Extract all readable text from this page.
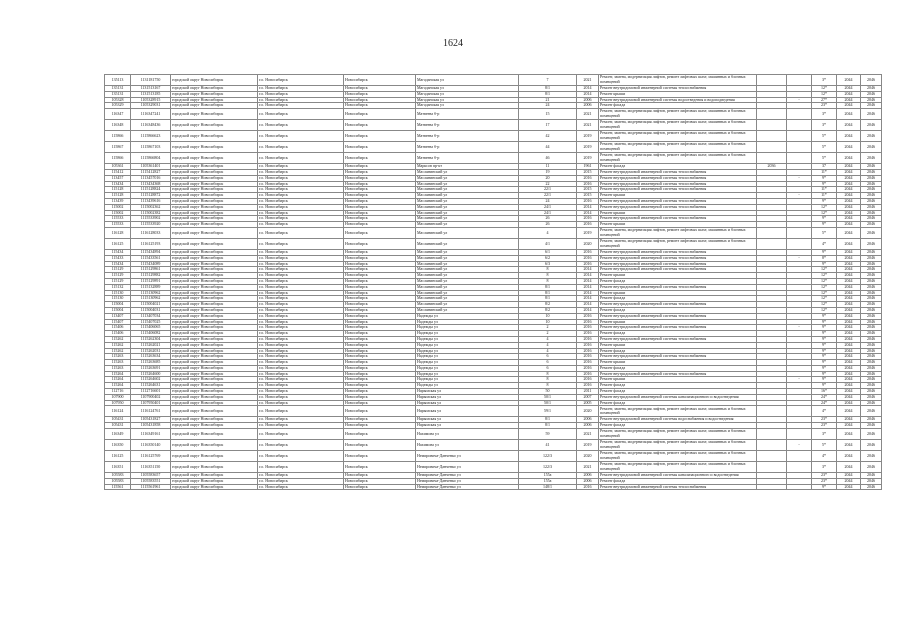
1624
135113	1131181750	городской округ Новосибирск	г.о. Новосибирск	Новосибирск	Магаданская ул	7	2021	Ремонт, замена, модернизация лифтов, ремонт лифтовых шахт, машинных и блочных помещений			3*	2044	2046
135131	1131513167	городской округ Новосибирск	г.о. Новосибирск	Новосибирск	Магаданская ул	8/1	2014	Ремонт внутридомовой инженерной системы теплоснабжения			12*	2044	2046
135131	1131513185	городской округ Новосибирск	г.о. Новосибирск	Новосибирск	Магаданская ул	8/1	2014	Ремонт крыши			12*	2044	2046
105328	1105328915	городской округ Новосибирск	г.о. Новосибирск	Новосибирск	Магаданская ул	21	2006	Ремонт внутридомовой инженерной системы водоотведения и водоподведения		-	27*	2044	2046
105329	1105329031	городской округ Новосибирск	г.о. Новосибирск	Новосибирск	Магаданская ул	24	2006	Ремонт фасада			23*	2044	2046
116347	1116347241	городской округ Новосибирск	г.о. Новосибирск	Новосибирск	Матвеева б-р	15	2021	Ремонт, замена, модернизация лифтов, ремонт лифтовых шахт, машинных и блочных помещений			3*	2044	2046
116348	1116348436	городской округ Новосибирск	г.о. Новосибирск	Новосибирск	Матвеева б-р	17	2021	Ремонт, замена, модернизация лифтов, ремонт лифтовых шахт, машинных и блочных помещений			3*	2044	2046
115866	1115866623	городской округ Новосибирск	г.о. Новосибирск	Новосибирск	Матвеева б-р	42	2019	Ремонт, замена, модернизация лифтов, ремонт лифтовых шахт, машинных и блочных помещений			5*	2044	2046
115867	1115867103	городской округ Новосибирск	г.о. Новосибирск	Новосибирск	Матвеева б-р	44	2019	Ремонт, замена, модернизация лифтов, ремонт лифтовых шахт, машинных и блочных помещений			5*	2044	2046
115866	1115866804	городской округ Новосибирск	г.о. Новосибирск	Новосибирск	Матвеева б-р	46	2019	Ремонт, замена, модернизация лифтов, ремонт лифтовых шахт, машинных и блочных помещений			5*	2044	2046
105361	1105361401	городской округ Новосибирск	г.о. Новосибирск	Новосибирск	Марксов пр-кт	11	1961	Ремонт фасада	2036		37	2044	2046
115412	1115412827	городской округ Новосибирск	г.о. Новосибирск	Новосибирск	Маслянинский ул	19	2015	Ремонт внутридомовой инженерной системы теплоснабжения			11*	2044	2046
113457	1113457016	городской округ Новосибирск	г.о. Новосибирск	Новосибирск	Маслянинский ул	20	2016	Ремонт внутридомовой инженерной системы теплоснабжения		-	9*	2044	2046
113434	1113434368	городской округ Новосибирск	г.о. Новосибирск	Новосибирск	Маслянинский ул	22	2016	Ремонт внутридомовой инженерной системы теплоснабжения			9*	2044	2046
115128	1115128824	городской округ Новосибирск	г.о. Новосибирск	Новосибирск	Маслянинский ул	22/1	2015	Ремонт внутридомовой инженерной системы теплоснабжения			11*	2044	2046
115128	1115128872	городской округ Новосибирск	г.о. Новосибирск	Новосибирск	Маслянинский ул	22/1	2015	Ремонт крыши		-	11*	2044	2046
113439	1113439616	городской округ Новосибирск	г.о. Новосибирск	Новосибирск	Маслянинский ул	24	2016	Ремонт внутридомовой инженерной системы теплоснабжения			9*	2044	2046
115002	1115002362	городской округ Новосибирск	г.о. Новосибирск	Новосибирск	Маслянинский ул	24/1	2014	Ремонт внутридомовой инженерной системы теплоснабжения			12*	2044	2046
115002	1115002382	городской округ Новосибирск	г.о. Новосибирск	Новосибирск	Маслянинский ул	24/1	2014	Ремонт крыши			12*	2044	2046
115533	1115533902	городской округ Новосибирск	г.о. Новосибирск	Новосибирск	Маслянинский ул	26	2016	Ремонт внутридомовой инженерной системы теплоснабжения			9*	2044	2046
115533	1115533920	городской округ Новосибирск	г.о. Новосибирск	Новосибирск	Маслянинский ул	26	2016	Ремонт крыши			9*	2044	2046
116128	1116128033	городской округ Новосибирск	г.о. Новосибирск	Новосибирск	Маслянинский ул	4	2019	Ремонт, замена, модернизация лифтов, ремонт лифтовых шахт, машинных и блочных помещений			5*	2044	2046
116125	1116125193	городской округ Новосибирск	г.о. Новосибирск	Новосибирск	Маслянинский ул	4/1	2020	Ремонт, замена, модернизация лифтов, ремонт лифтовых шахт, машинных и блочных помещений			4*	2044	2046
115434	1115434894	городской округ Новосибирск	г.о. Новосибирск	Новосибирск	Маслянинский ул	6/1	2016	Ремонт внутридомовой инженерной системы теплоснабжения			9*	2044	2046
115433	1115433561	городской округ Новосибирск	г.о. Новосибирск	Новосибирск	Маслянинский ул	6/2	2016	Ремонт внутридомовой инженерной системы теплоснабжения		-	8*	2044	2046
115434	1115434089	городской округ Новосибирск	г.о. Новосибирск	Новосибирск	Маслянинский ул	6/3	2016	Ремонт внутридомовой инженерной системы теплоснабжения			9*	2044	2046
115129	1115129861	городской округ Новосибирск	г.о. Новосибирск	Новосибирск	Маслянинский ул	8	2014	Ремонт внутридомовой инженерной системы теплоснабжения			12*	2044	2046
115129	1115129882	городской округ Новосибирск	г.о. Новосибирск	Новосибирск	Маслянинский ул	8	2014	Ремонт крыши			12*	2044	2046
115129	1115129891	городской округ Новосибирск	г.о. Новосибирск	Новосибирск	Маслянинский ул	8	2014	Ремонт фасада			12*	2044	2046
115132	1115132889	городской округ Новосибирск	г.о. Новосибирск	Новосибирск	Маслянинский ул	8/1	2014	Ремонт внутридомовой инженерной системы теплоснабжения			12*	2044	2046
115130	1115130962	городской округ Новосибирск	г.о. Новосибирск	Новосибирск	Маслянинский ул	8/1	2014	Ремонт крыши			12*	2044	2046
115130	1115130962	городской округ Новосибирск	г.о. Новосибирск	Новосибирск	Маслянинский ул	8/1	2014	Ремонт фасада			12*	2044	2046
115004	1115004021	городской округ Новосибирск	г.о. Новосибирск	Новосибирск	Маслянинский ул	8/2	2014	Ремонт внутридомовой инженерной системы теплоснабжения			12*	2044	2046
115004	1115004031	городской округ Новосибирск	г.о. Новосибирск	Новосибирск	Маслянинский ул	8/2	2014	Ремонт фасада			12*	2044	2046
113407	1113407034	городской округ Новосибирск	г.о. Новосибирск	Новосибирск	Надежды ул	10	2016	Ремонт внутридомовой инженерной системы теплоснабжения			9*	2044	2046
115407	1115407025	городской округ Новосибирск	г.о. Новосибирск	Новосибирск	Надежды ул	10	2016	Ремонт крыши			9*	2044	2046
115406	1115406065	городской округ Новосибирск	г.о. Новосибирск	Новосибирск	Надежды ул	2	2016	Ремонт внутридомовой инженерной системы теплоснабжения		-	9*	2044	2046
115406	1115406082	городской округ Новосибирск	г.о. Новосибирск	Новосибирск	Надежды ул	2	2016	Ремонт фасада			9*	2044	2046
115262	1115262304	городской округ Новосибирск	г.о. Новосибирск	Новосибирск	Надежды ул	4	2016	Ремонт внутридомовой инженерной системы теплоснабжения			9*	2044	2046
115262	1115262021	городской округ Новосибирск	г.о. Новосибирск	Новосибирск	Надежды ул	4	2016	Ремонт крыши			9*	2044	2046
115262	1115262031	городской округ Новосибирск	г.о. Новосибирск	Новосибирск	Надежды ул	4	2016	Ремонт фасада			9*	2044	2046
115263	1115263634	городской округ Новосибирск	г.о. Новосибирск	Новосибирск	Надежды ул	6	2016	Ремонт внутридомовой инженерной системы теплоснабжения			9*	2044	2046
115263	1115263685	городской округ Новосибирск	г.о. Новосибирск	Новосибирск	Надежды ул	6	2016	Ремонт крыши			9*	2044	2046
115263	1115263691	городской округ Новосибирск	г.о. Новосибирск	Новосибирск	Надежды ул	6	2016	Ремонт фасада			9*	2044	2046
115264	1115264600	городской округ Новосибирск	г.о. Новосибирск	Новосибирск	Надежды ул	8	2016	Ремонт внутридомовой инженерной системы теплоснабжения			9*	2044	2046
115264	1115264602	городской округ Новосибирск	г.о. Новосибирск	Новосибирск	Надежды ул	8	2016	Ремонт крыши		-	9*	2044	2046
115264	1115264631	городской округ Новосибирск	г.о. Новосибирск	Новосибирск	Надежды ул	8	2016	Ремонт фасада			9*	2044	2046
112716	1112716601	городской округ Новосибирск	г.о. Новосибирск	Новосибирск	Нарымская ул	50	2011	Ремонт фасада			16*	2044	2046
107900	1107900402	городской округ Новосибирск	г.о. Новосибирск	Новосибирск	Нарымская ул	50/1	2007	Ремонт внутридомовой инженерной системы канализационного и водоотведения			24*	2044	2046
107950	1107950401	городской округ Новосибирск	г.о. Новосибирск	Новосибирск	Нарымская ул	50/1	2005	Ремонт фасада			24*	2044	2046
116124	1116124761	городской округ Новосибирск	г.о. Новосибирск	Новосибирск	Нарымская ул	59/1	2020	Ремонт, замена, модернизация лифтов, ремонт лифтовых шахт, машинных и блочных помещений			4*	2044	2046
105431	1105431827	городской округ Новосибирск	г.о. Новосибирск	Новосибирск	Нарымская ул	8/1	2006	Ремонт внутридомовой инженерной системы водоснабжения и водоотведения			23*	2044	2046
105431	1105431858	городской округ Новосибирск	г.о. Новосибирск	Новосибирск	Нарымская ул	8/1	2006	Ремонт фасада			23*	2044	2046
116349	1116349161	городской округ Новосибирск	г.о. Новосибирск	Новосибирск	Нахимова ул	59	2021	Ремонт, замена, модернизация лифтов, ремонт лифтовых шахт, машинных и блочных помещений			3*	2044	2046
116350	1116350140	городской округ Новосибирск	г.о. Новосибирск	Новосибирск	Нахимова ул	41	2019	Ремонт, замена, модернизация лифтов, ремонт лифтовых шахт, машинных и блочных помещений		-	5*	2044	2046
116125	1116125769	городской округ Новосибирск	г.о. Новосибирск	Новосибирск	Немировича-Данченко ул	122/3	2020	Ремонт, замена, модернизация лифтов, ремонт лифтовых шахт, машинных и блочных помещений			4*	2044	2046
116351	1116351150	городской округ Новосибирск	г.о. Новосибирск	Новосибирск	Немировича-Данченко ул	122/3	2021	Ремонт, замена, модернизация лифтов, ремонт лифтовых шахт, машинных и блочных помещений			3*	2044	2046
105583	1105583657	городской округ Новосибирск	г.о. Новосибирск	Новосибирск	Немировича-Данченко ул	155а	2006	Ремонт внутридомовой инженерной системы канализационного и водоотведения			23*	2044	2046
105583	1105583551	городской округ Новосибирск	г.о. Новосибирск	Новосибирск	Немировича-Данченко ул	155а	2006	Ремонт фасада			23*	2044	2046
115561	1115561961	городской округ Новосибирск	г.о. Новосибирск	Новосибирск	Немировича-Данченко ул	148/1	2016	Ремонт внутридомовой инженерной системы теплоснабжения			9*	2044	2046
